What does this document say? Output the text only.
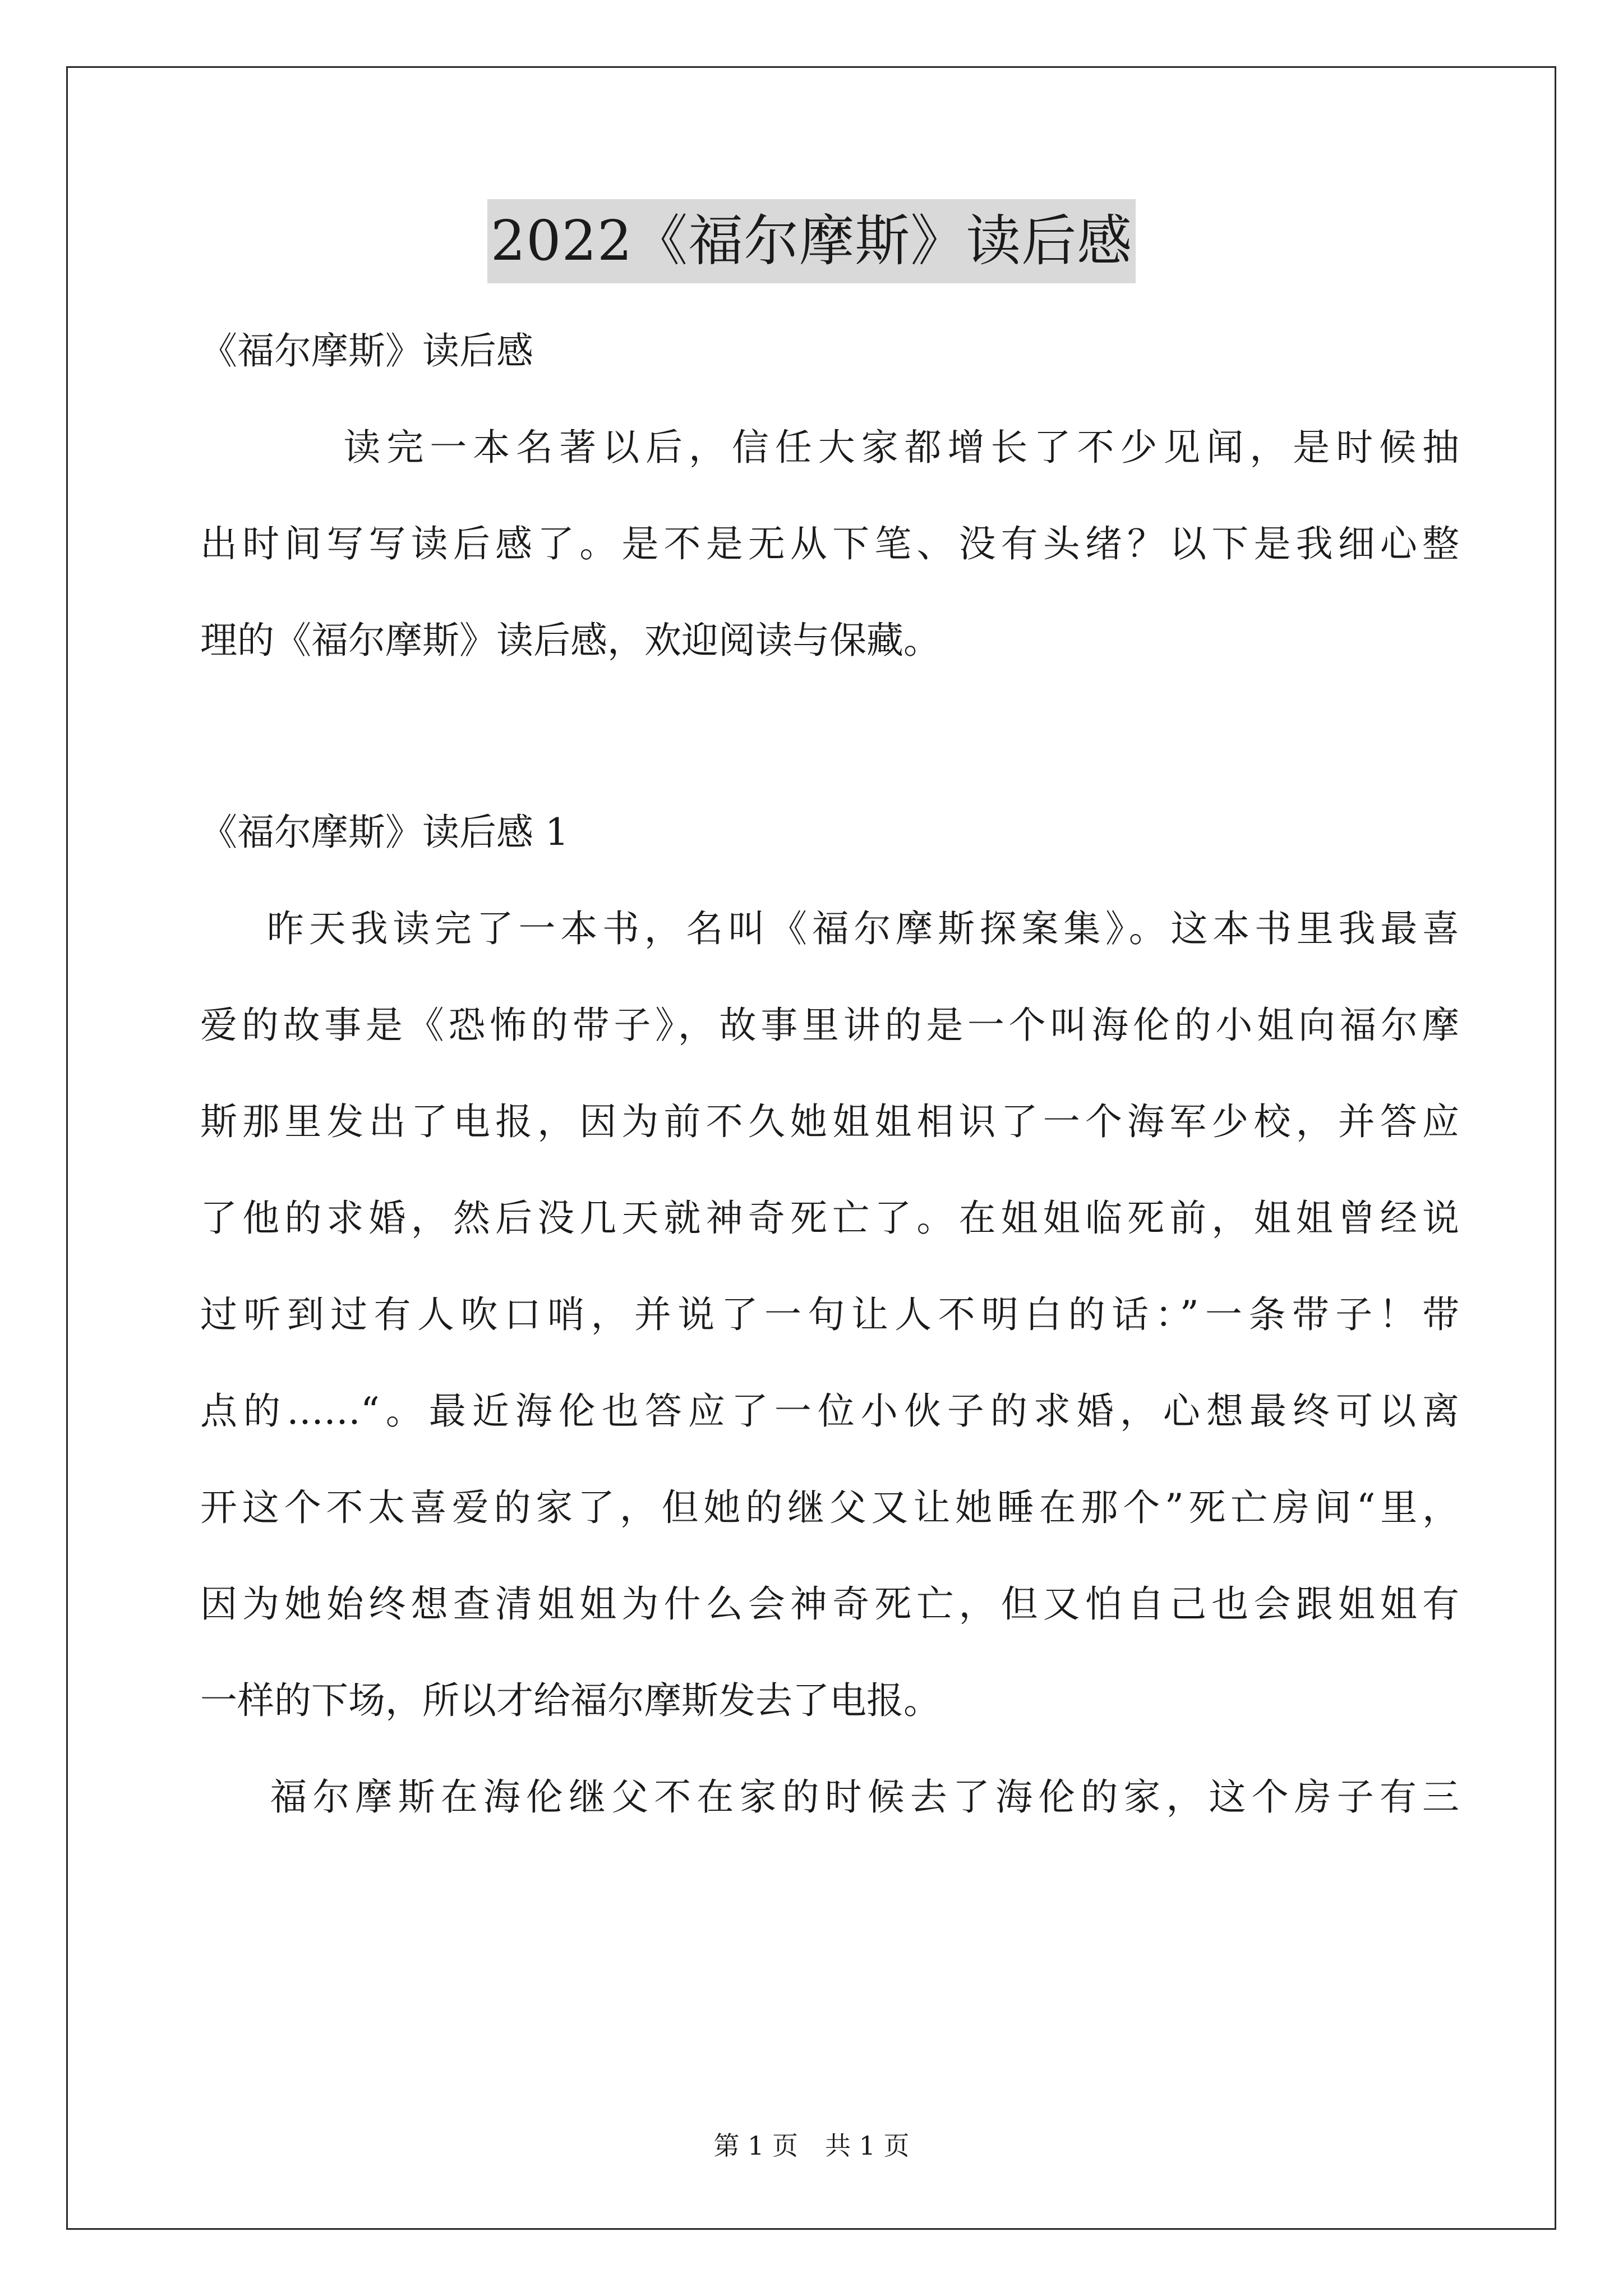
2022《福尔摩斯》读后感
《福尔摩斯》读后感
读完一本名著以后，信任大家都增长了不少见闻，是时候抽
出时间写写读后感了。是不是无从下笔、没有头绪？以下是我细心整
理的《福尔摩斯》读后感，欢迎阅读与保藏。
《福尔摩斯》读后感 1
昨天我读完了一本书，名叫《福尔摩斯探案集》。这本书里我最喜
爱的故事是《恐怖的带子》，故事里讲的是一个叫海伦的小姐向福尔摩
斯那里发出了电报，因为前不久她姐姐相识了一个海军少校，并答应
了他的求婚，然后没几天就神奇死亡了。在姐姐临死前，姐姐曾经说
过听到过有人吹口哨，并说了一句让人不明白的话：”一条带子！带
点的……“。最近海伦也答应了一位小伙子的求婚，心想最终可以离
开这个不太喜爱的家了，但她的继父又让她睡在那个”死亡房间“里，
因为她始终想查清姐姐为什么会神奇死亡，但又怕自己也会跟姐姐有
一样的下场，所以才给福尔摩斯发去了电报。
福尔摩斯在海伦继父不在家的时候去了海伦的家，这个房子有三
第 1 页 共 1 页
